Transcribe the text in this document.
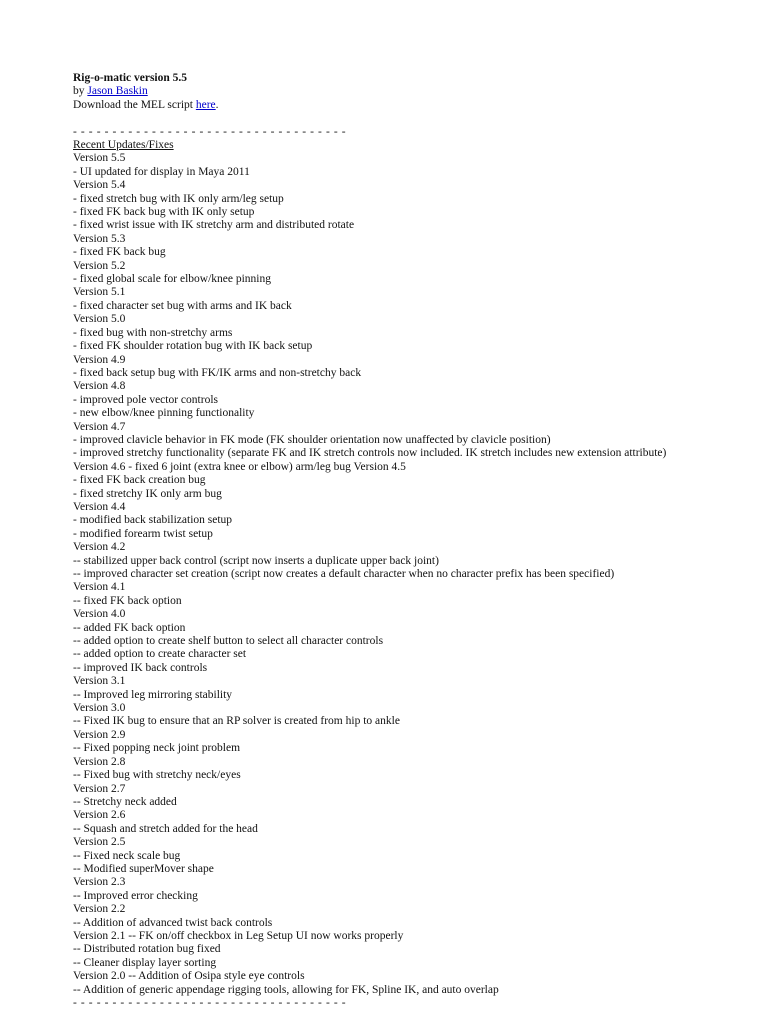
Rig-o-matic version 5.5

by Jason Baskin

Download the MEL script here.

- - - - - - - - - - - - - - - - - - - - - - - - - - - - - - - - - - -

Recent Updates/Fixes

Version 5.5

- UI updated for display in Maya 2011

Version 5.4

- fixed stretch bug with IK only arm/leg setup

- fixed FK back bug with IK only setup

- fixed wrist issue with IK stretchy arm and distributed rotate

Version 5.3

- fixed FK back bug

Version 5.2

- fixed global scale for elbow/knee pinning

Version 5.1

- fixed character set bug with arms and IK back

Version 5.0

- fixed bug with non-stretchy arms

- fixed FK shoulder rotation bug with IK back setup

Version 4.9

- fixed back setup bug with FK/IK arms and non-stretchy back

Version 4.8

- improved pole vector controls

- new elbow/knee pinning functionality

Version 4.7

- improved clavicle behavior in FK mode (FK shoulder orientation now unaffected by clavicle position)

- improved stretchy functionality (separate FK and IK stretch controls now included. IK stretch includes new extension attribute)

Version 4.6 - fixed 6 joint (extra knee or elbow) arm/leg bug Version 4.5

- fixed FK back creation bug

- fixed stretchy IK only arm bug

Version 4.4

- modified back stabilization setup

- modified forearm twist setup

Version 4.2

-- stabilized upper back control (script now inserts a duplicate upper back joint)

-- improved character set creation (script now creates a default character when no character prefix has been specified)

Version 4.1

-- fixed FK back option

Version 4.0

-- added FK back option

-- added option to create shelf button to select all character controls

-- added option to create character set

-- improved IK back controls

Version 3.1

-- Improved leg mirroring stability

Version 3.0

-- Fixed IK bug to ensure that an RP solver is created from hip to ankle

Version 2.9

-- Fixed popping neck joint problem

Version 2.8

-- Fixed bug with stretchy neck/eyes

Version 2.7

-- Stretchy neck added

Version 2.6

-- Squash and stretch added for the head

Version 2.5

-- Fixed neck scale bug

-- Modified superMover shape

Version 2.3

-- Improved error checking

Version 2.2

-- Addition of advanced twist back controls

Version 2.1 -- FK on/off checkbox in Leg Setup UI now works properly

-- Distributed rotation bug fixed

-- Cleaner display layer sorting

Version 2.0 -- Addition of Osipa style eye controls

-- Addition of generic appendage rigging tools, allowing for FK, Spline IK, and auto overlap

- - - - - - - - - - - - - - - - - - - - - - - - - - - - - - - - - - -
